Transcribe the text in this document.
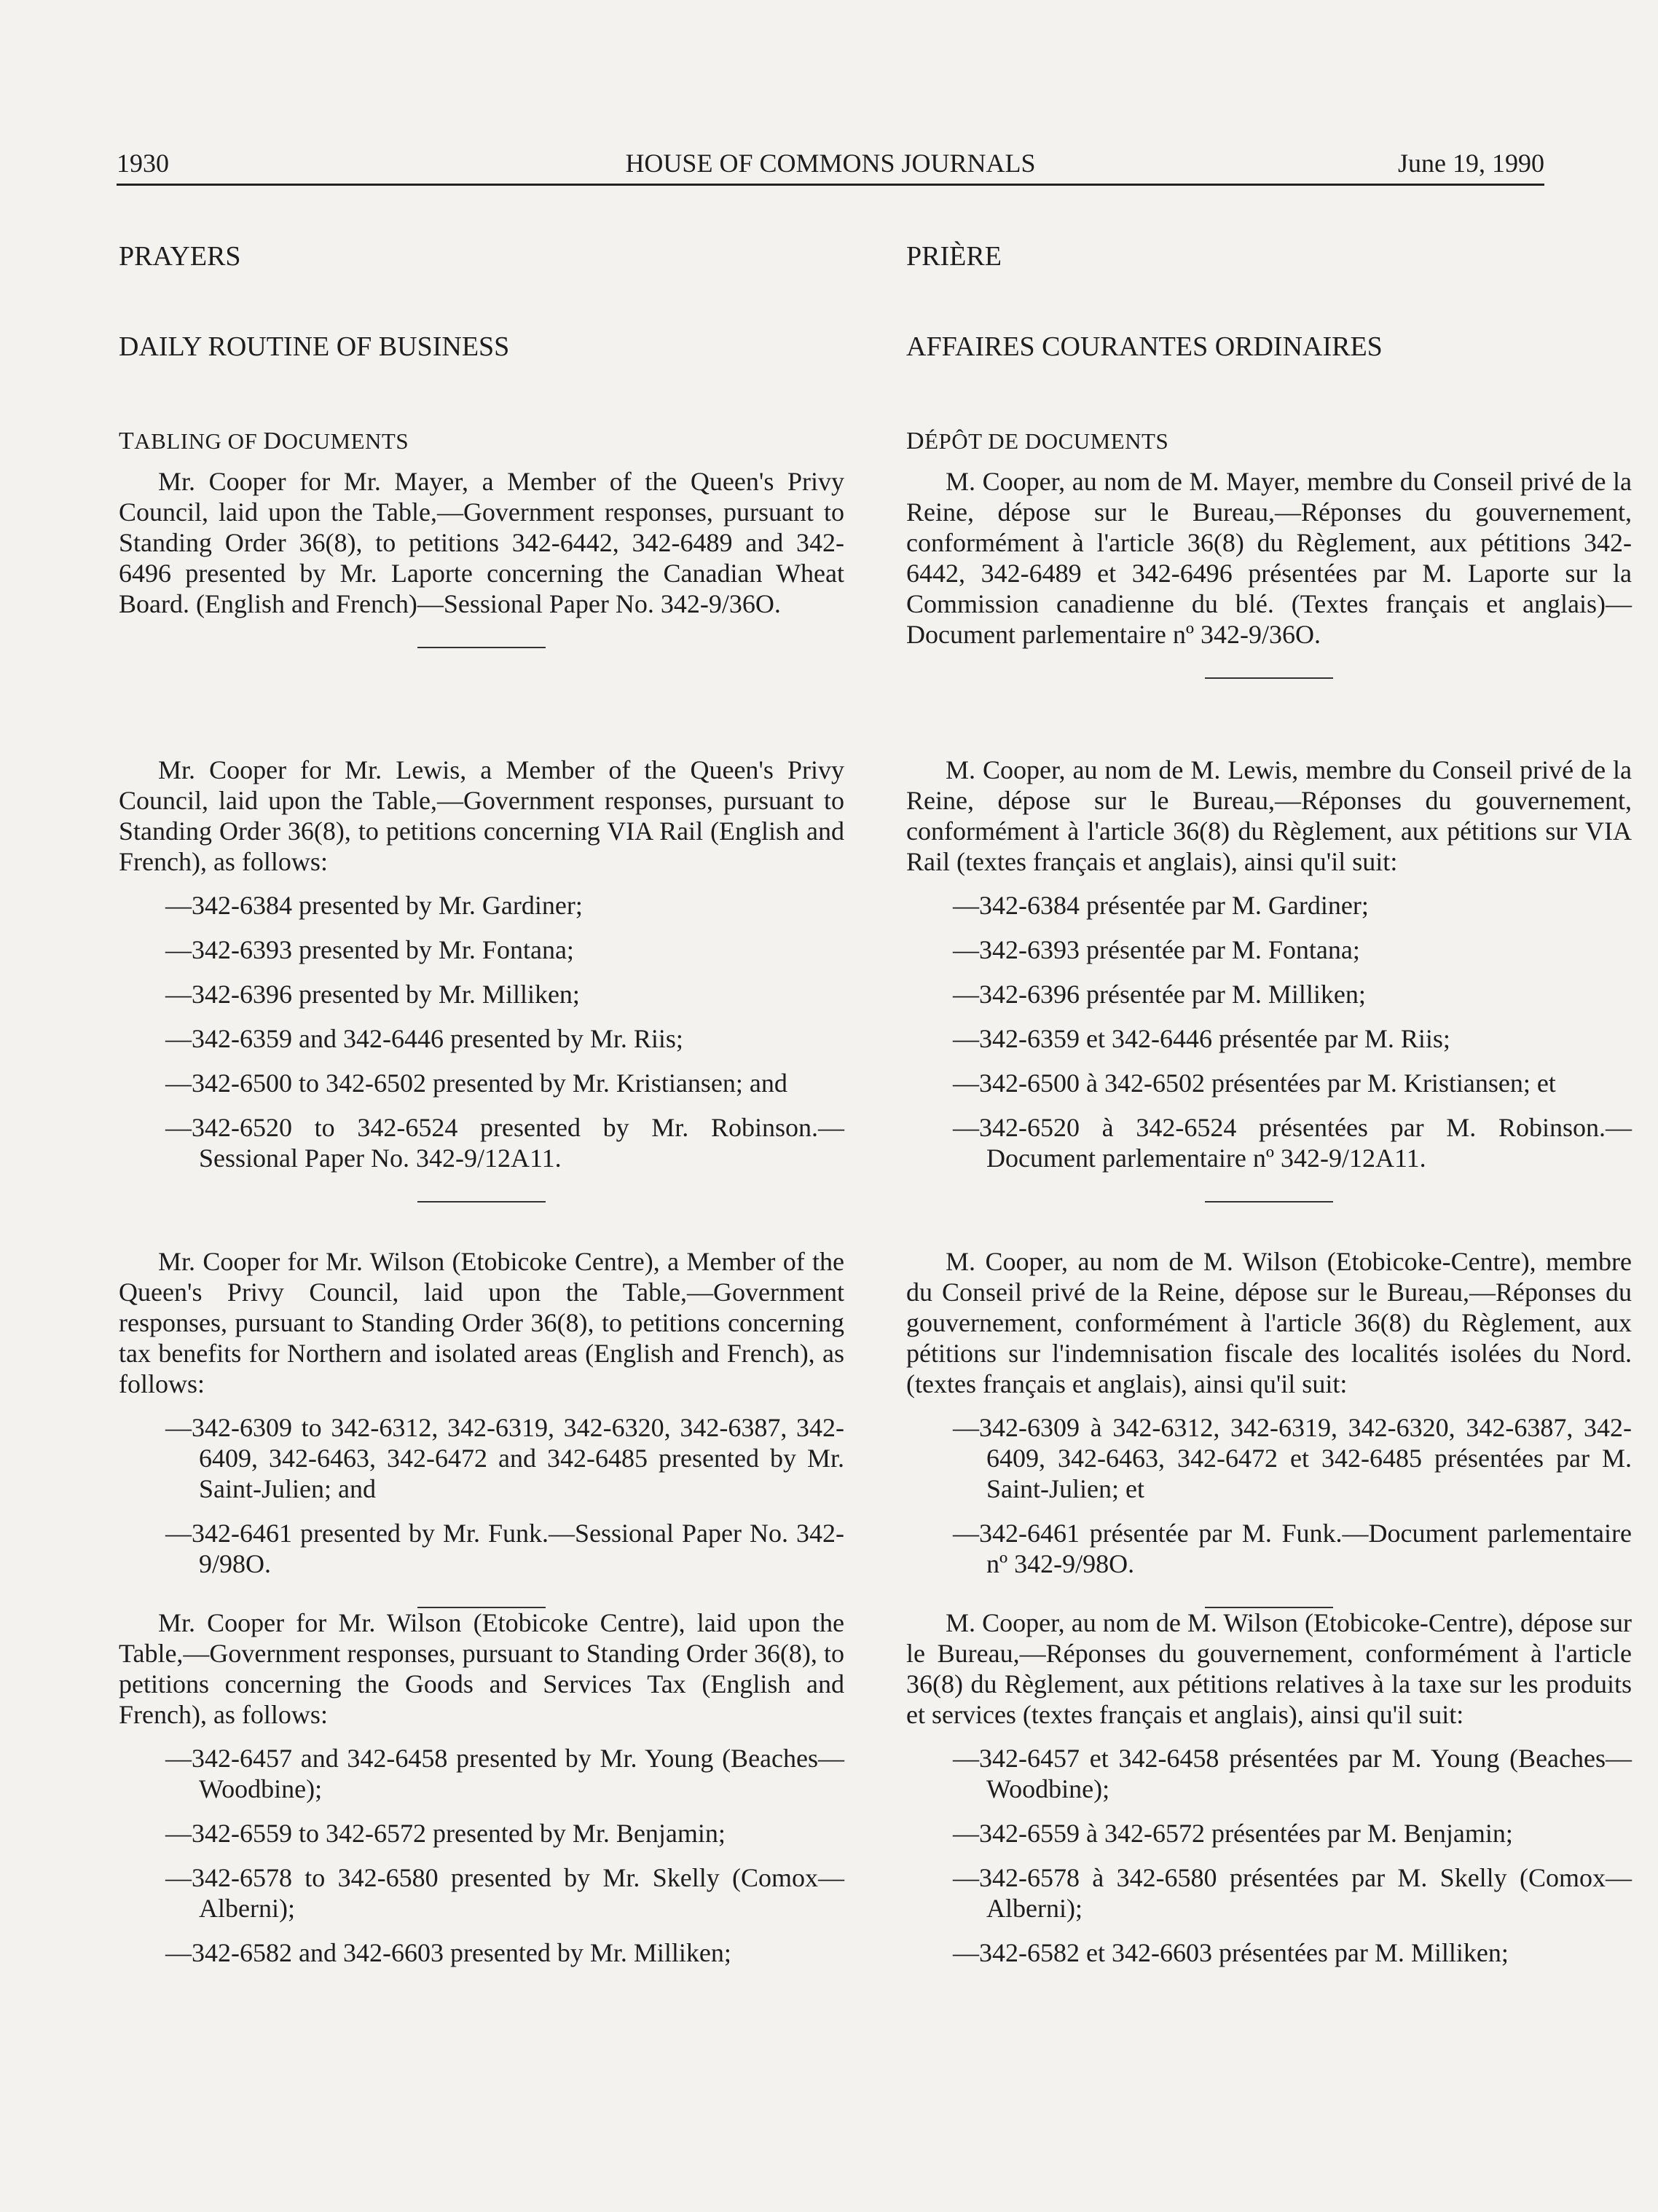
1930	HOUSE OF COMMONS JOURNALS	June 19, 1990
PRAYERS
DAILY ROUTINE OF BUSINESS
TABLING OF DOCUMENTS

Mr. Cooper for Mr. Mayer, a Member of the Queen's Privy Council, laid upon the Table,—Government responses, pursuant to Standing Order 36(8), to petitions 342-6442, 342-6489 and 342-6496 presented by Mr. Laporte concerning the Canadian Wheat Board. (English and French)—Sessional Paper No. 342-9/36O.

Mr. Cooper for Mr. Lewis, a Member of the Queen's Privy Council, laid upon the Table,—Government responses, pursuant to Standing Order 36(8), to petitions concerning VIA Rail (English and French), as follows:

—342-6384 presented by Mr. Gardiner;

—342-6393 presented by Mr. Fontana;

—342-6396 presented by Mr. Milliken;

—342-6359 and 342-6446 presented by Mr. Riis;

—342-6500 to 342-6502 presented by Mr. Kristiansen; and

—342-6520 to 342-6524 presented by Mr. Robinson.—Sessional Paper No. 342-9/12A11.

Mr. Cooper for Mr. Wilson (Etobicoke Centre), a Member of the Queen's Privy Council, laid upon the Table,—Government responses, pursuant to Standing Order 36(8), to petitions concerning tax benefits for Northern and isolated areas (English and French), as follows:

—342-6309 to 342-6312, 342-6319, 342-6320, 342-6387, 342-6409, 342-6463, 342-6472 and 342-6485 presented by Mr. Saint-Julien; and

—342-6461 presented by Mr. Funk.—Sessional Paper No. 342-9/98O.

Mr. Cooper for Mr. Wilson (Etobicoke Centre), laid upon the Table,—Government responses, pursuant to Standing Order 36(8), to petitions concerning the Goods and Services Tax (English and French), as follows:

—342-6457 and 342-6458 presented by Mr. Young (Beaches—Woodbine);

—342-6559 to 342-6572 presented by Mr. Benjamin;

—342-6578 to 342-6580 presented by Mr. Skelly (Comox—Alberni);

—342-6582 and 342-6603 presented by Mr. Milliken;

PRIÈRE
AFFAIRES COURANTES ORDINAIRES
DÉPÔT DE DOCUMENTS

M. Cooper, au nom de M. Mayer, membre du Conseil privé de la Reine, dépose sur le Bureau,—Réponses du gouvernement, conformément à l'article 36(8) du Règlement, aux pétitions 342-6442, 342-6489 et 342-6496 présentées par M. Laporte sur la Commission canadienne du blé. (Textes français et anglais)—Document parlementaire nº 342-9/36O.

M. Cooper, au nom de M. Lewis, membre du Conseil privé de la Reine, dépose sur le Bureau,—Réponses du gouvernement, conformément à l'article 36(8) du Règlement, aux pétitions sur VIA Rail (textes français et anglais), ainsi qu'il suit:

—342-6384 présentée par M. Gardiner;

—342-6393 présentée par M. Fontana;

—342-6396 présentée par M. Milliken;

—342-6359 et 342-6446 présentée par M. Riis;

—342-6500 à 342-6502 présentées par M. Kristiansen; et

—342-6520 à 342-6524 présentées par M. Robinson.—Document parlementaire nº 342-9/12A11.

M. Cooper, au nom de M. Wilson (Etobicoke-Centre), membre du Conseil privé de la Reine, dépose sur le Bureau,—Réponses du gouvernement, conformément à l'article 36(8) du Règlement, aux pétitions sur l'indemnisation fiscale des localités isolées du Nord. (textes français et anglais), ainsi qu'il suit:

—342-6309 à 342-6312, 342-6319, 342-6320, 342-6387, 342-6409, 342-6463, 342-6472 et 342-6485 présentées par M. Saint-Julien; et

—342-6461 présentée par M. Funk.—Document parlementaire nº 342-9/98O.

M. Cooper, au nom de M. Wilson (Etobicoke-Centre), dépose sur le Bureau,—Réponses du gouvernement, conformément à l'article 36(8) du Règlement, aux pétitions relatives à la taxe sur les produits et services (textes français et anglais), ainsi qu'il suit:

—342-6457 et 342-6458 présentées par M. Young (Beaches—Woodbine);

—342-6559 à 342-6572 présentées par M. Benjamin;

—342-6578 à 342-6580 présentées par M. Skelly (Comox—Alberni);

—342-6582 et 342-6603 présentées par M. Milliken;
